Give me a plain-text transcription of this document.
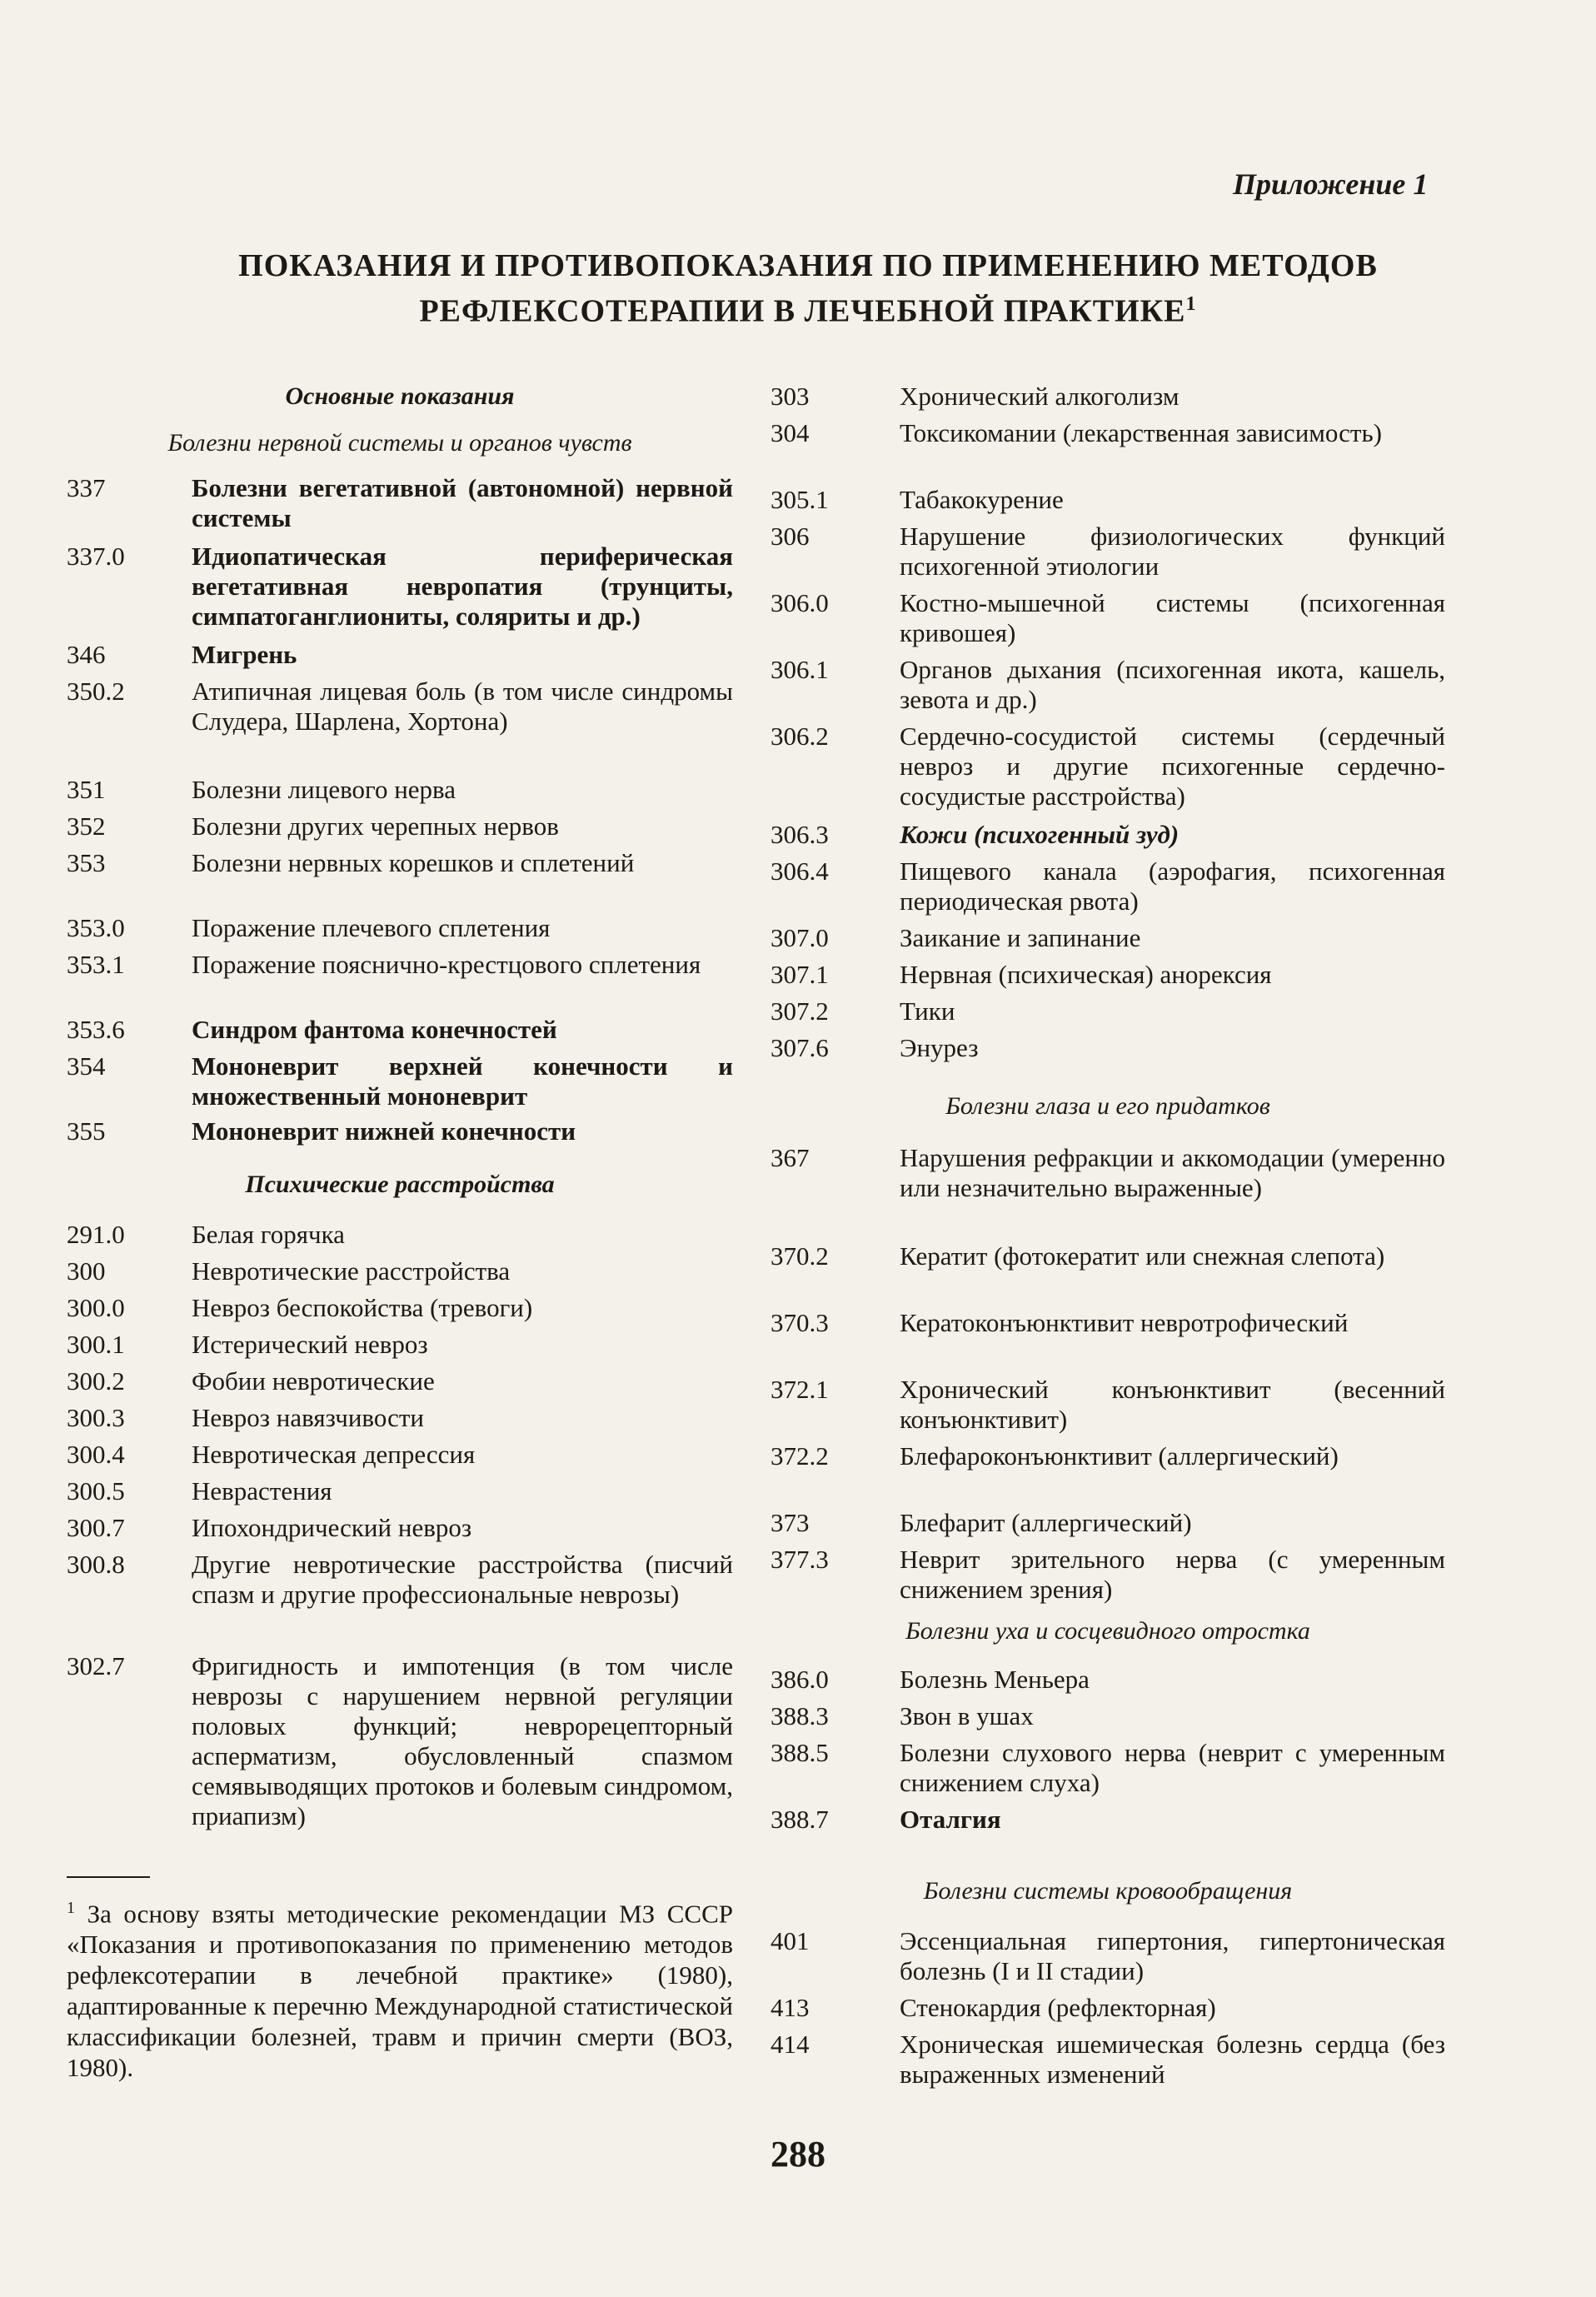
Приложение 1
ПОКАЗАНИЯ И ПРОТИВОПОКАЗАНИЯ ПО ПРИМЕНЕНИЮ МЕТОДОВ
РЕФЛЕКСОТЕРАПИИ В ЛЕЧЕБНОЙ ПРАКТИКЕ$^1$
Основные показания
Болезни нервной системы и органов чувств
337	Болезни вегетативной (автономной) нервной системы
337.0	Идиопатическая периферическая вегетативная невропатия (трунциты, симпатоганглиониты, соляриты и др.)
346	Мигрень
350.2	Атипичная лицевая боль (в том числе синдромы Слудера, Шарлена, Хортона)
351	Болезни лицевого нерва
352	Болезни других черепных нервов
353	Болезни нервных корешков и сплетений
353.0	Поражение плечевого сплетения
353.1	Поражение пояснично-крестцового сплетения
353.6	Синдром фантома конечностей
354	Мононеврит верхней конечности и множественный мононеврит
355	Мононеврит нижней конечности
Психические расстройства
291.0	Белая горячка
300	Невротические расстройства
300.0	Невроз беспокойства (тревоги)
300.1	Истерический невроз
300.2	Фобии невротические
300.3	Невроз навязчивости
300.4	Невротическая депрессия
300.5	Неврастения
300.7	Ипохондрический невроз
300.8	Другие невротические расстройства (писчий спазм и другие профессиональные неврозы)
302.7	Фригидность и импотенция (в том числе неврозы с нарушением нервной регуляции половых функций; неврорецепторный асперматизм, обусловленный спазмом семявыводящих протоков и болевым синдромом, приапизм)
$^1$ За основу взяты методические рекомендации МЗ СССР «Показания и противопоказания по применению методов рефлексотерапии в лечебной практике» (1980), адаптированные к перечню Международной статистической классификации болезней, травм и причин смерти (ВОЗ, 1980).
303	Хронический алкоголизм
304	Токсикомании (лекарственная зависимость)
305.1	Табакокурение
306	Нарушение физиологических функций психогенной этиологии
306.0	Костно-мышечной системы (психогенная кривошея)
306.1	Органов дыхания (психогенная икота, кашель, зевота и др.)
306.2	Сердечно-сосудистой системы (сердечный невроз и другие психогенные сердечно-сосудистые расстройства)
306.3	Кожи (психогенный зуд)
306.4	Пищевого канала (аэрофагия, психогенная периодическая рвота)
307.0	Заикание и запинание
307.1	Нервная (психическая) анорексия
307.2	Тики
307.6	Энурез
Болезни глаза и его придатков
367	Нарушения рефракции и аккомодации (умеренно или незначительно выраженные)
370.2	Кератит (фотокератит или снежная слепота)
370.3	Кератоконъюнктивит невротрофический
372.1	Хронический конъюнктивит (весенний конъюнктивит)
372.2	Блефароконъюнктивит (аллергический)
373	Блефарит (аллергический)
377.3	Неврит зрительного нерва (с умеренным снижением зрения)
Болезни уха и сосцевидного отростка
386.0	Болезнь Меньера
388.3	Звон в ушах
388.5	Болезни слухового нерва (неврит с умеренным снижением слуха)
388.7	Оталгия
Болезни системы кровообращения
401	Эссенциальная гипертония, гипертоническая болезнь (I и II стадии)
413	Стенокардия (рефлекторная)
414	Хроническая ишемическая болезнь сердца (без выраженных изменений
288
